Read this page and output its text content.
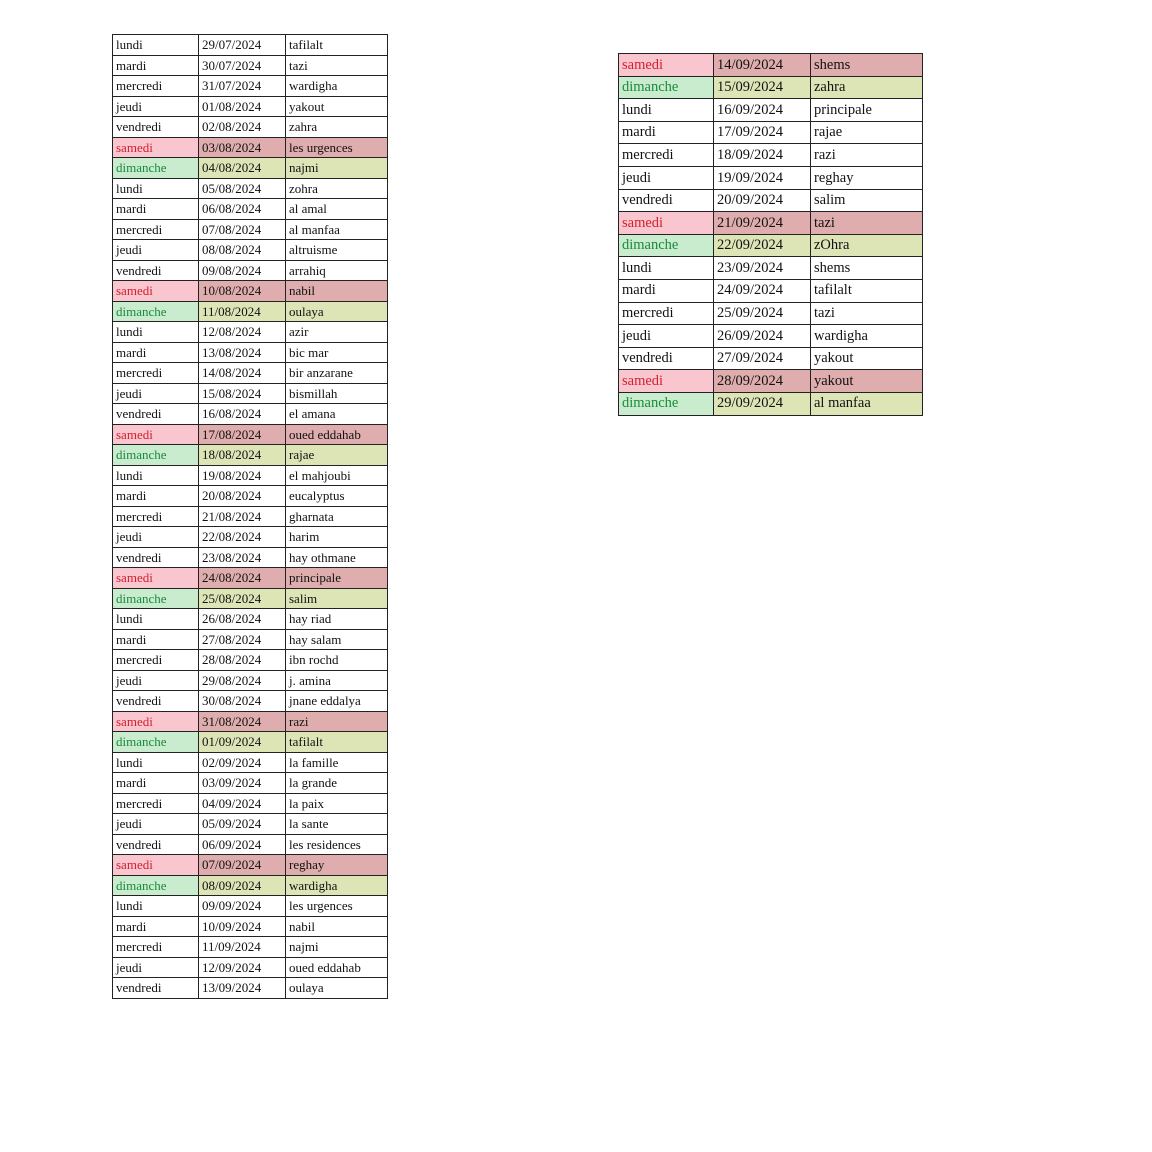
lundi	29/07/2024	tafilalt
mardi	30/07/2024	tazi
mercredi	31/07/2024	wardigha
jeudi	01/08/2024	yakout
vendredi	02/08/2024	zahra
samedi	03/08/2024	les urgences
dimanche	04/08/2024	najmi
lundi	05/08/2024	zohra
mardi	06/08/2024	al amal
mercredi	07/08/2024	al manfaa
jeudi	08/08/2024	altruisme
vendredi	09/08/2024	arrahiq
samedi	10/08/2024	nabil
dimanche	11/08/2024	oulaya
lundi	12/08/2024	azir
mardi	13/08/2024	bic mar
mercredi	14/08/2024	bir anzarane
jeudi	15/08/2024	bismillah
vendredi	16/08/2024	el amana
samedi	17/08/2024	oued eddahab
dimanche	18/08/2024	rajae
lundi	19/08/2024	el mahjoubi
mardi	20/08/2024	eucalyptus
mercredi	21/08/2024	gharnata
jeudi	22/08/2024	harim
vendredi	23/08/2024	hay othmane
samedi	24/08/2024	principale
dimanche	25/08/2024	salim
lundi	26/08/2024	hay riad
mardi	27/08/2024	hay salam
mercredi	28/08/2024	ibn rochd
jeudi	29/08/2024	j. amina
vendredi	30/08/2024	jnane eddalya
samedi	31/08/2024	razi
dimanche	01/09/2024	tafilalt
lundi	02/09/2024	la famille
mardi	03/09/2024	la grande
mercredi	04/09/2024	la paix
jeudi	05/09/2024	la sante
vendredi	06/09/2024	les residences
samedi	07/09/2024	reghay
dimanche	08/09/2024	wardigha
lundi	09/09/2024	les urgences
mardi	10/09/2024	nabil
mercredi	11/09/2024	najmi
jeudi	12/09/2024	oued eddahab
vendredi	13/09/2024	oulaya
samedi	14/09/2024	shems
dimanche	15/09/2024	zahra
lundi	16/09/2024	principale
mardi	17/09/2024	rajae
mercredi	18/09/2024	razi
jeudi	19/09/2024	reghay
vendredi	20/09/2024	salim
samedi	21/09/2024	tazi
dimanche	22/09/2024	zOhra
lundi	23/09/2024	shems
mardi	24/09/2024	tafilalt
mercredi	25/09/2024	tazi
jeudi	26/09/2024	wardigha
vendredi	27/09/2024	yakout
samedi	28/09/2024	yakout
dimanche	29/09/2024	al manfaa
